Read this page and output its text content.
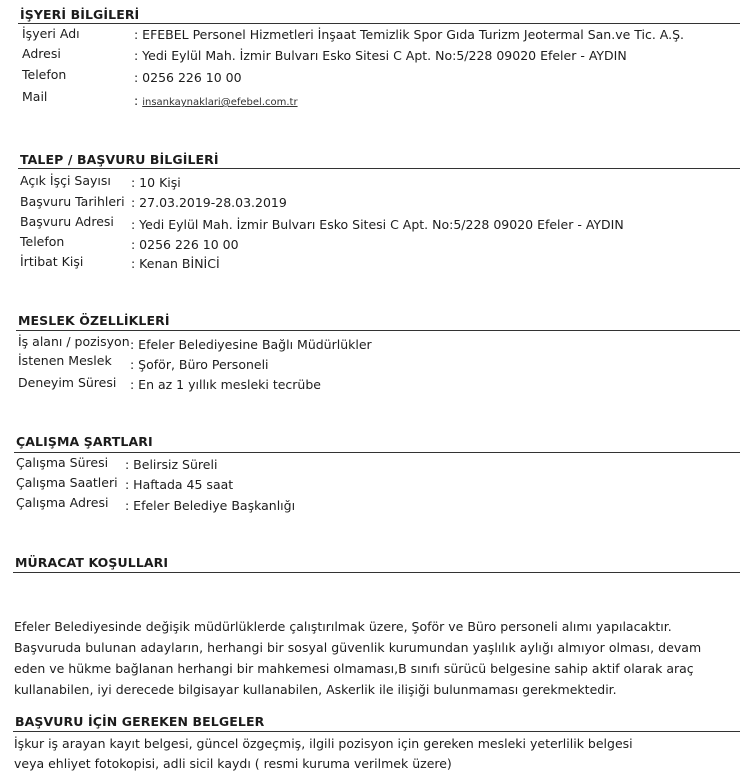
İŞYERİ BİLGİLERİ
İşyeri Adı	: EFEBEL Personel Hizmetleri İnşaat Temizlik Spor Gıda Turizm Jeotermal San.ve Tic. A.Ş.
Adresi	: Yedi Eylül Mah. İzmir Bulvarı Esko Sitesi C Apt. No:5/228 09020 Efeler - AYDIN
Telefon	: 0256 226 10 00
Mail	: insankaynaklari@efebel.com.tr
TALEP / BAŞVURU BİLGİLERİ
Açık İşçi Sayısı : 10 Kişi
Başvuru Tarihleri : 27.03.2019-28.03.2019
Başvuru Adresi : Yedi Eylül Mah. İzmir Bulvarı Esko Sitesi C Apt. No:5/228 09020 Efeler - AYDIN
Telefon	: 0256 226 10 00
İrtibat Kişi	: Kenan BİNİCİ
MESLEK ÖZELLİKLERİ
İş alanı / pozisyon : Efeler Belediyesine Bağlı Müdürlükler
İstenen Meslek : Şoför, Büro Personeli
Deneyim Süresi : En az 1 yıllık mesleki tecrübe
ÇALIŞMA ŞARTLARI
Çalışma Süresi : Belirsiz Süreli
Çalışma Saatleri : Haftada 45 saat
Çalışma Adresi : Efeler Belediye Başkanlığı
MÜRACAT KOŞULLARI
Efeler Belediyesinde değişik müdürlüklerde çalıştırılmak üzere, Şoför ve Büro personeli alımı yapılacaktır.
Başvuruda bulunan adayların, herhangi bir sosyal güvenlik kurumundan yaşlılık aylığı almıyor olması, devam
eden ve hükme bağlanan herhangi bir mahkemesi olmaması,B sınıfı sürücü belgesine sahip aktif olarak araç
kullanabilen, iyi derecede bilgisayar kullanabilen, Askerlik ile ilişiği bulunmaması gerekmektedir.
BAŞVURU İÇİN GEREKEN BELGELER
İşkur iş arayan kayıt belgesi, güncel özgeçmiş, ilgili pozisyon için gereken mesleki yeterlilik belgesi
veya ehliyet fotokopisi, adli sicil kaydı ( resmi kuruma verilmek üzere)
